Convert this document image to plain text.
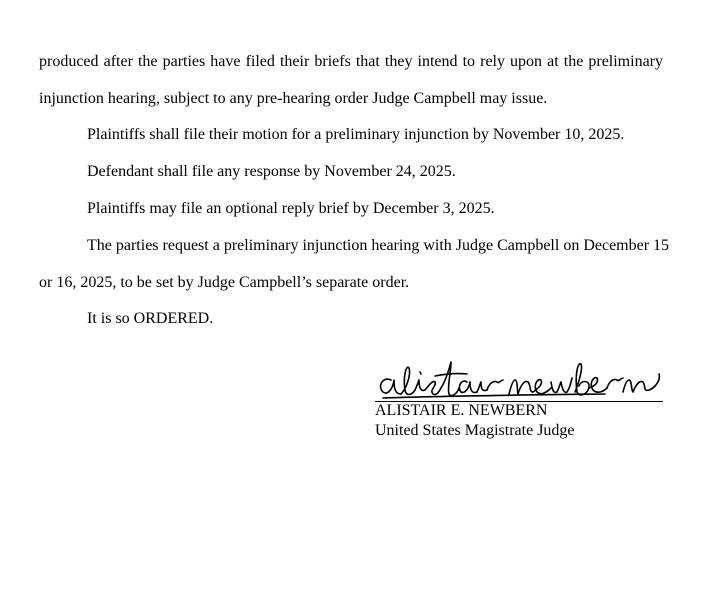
produced after the parties have filed their briefs that they intend to rely upon at the preliminary
injunction hearing, subject to any pre-hearing order Judge Campbell may issue.
Plaintiffs shall file their motion for a preliminary injunction by November 10, 2025.
Defendant shall file any response by November 24, 2025.
Plaintiffs may file an optional reply brief by December 3, 2025.
The parties request a preliminary injunction hearing with Judge Campbell on December 15
or 16, 2025, to be set by Judge Campbell’s separate order.
It is so ORDERED.
ALISTAIR E. NEWBERN
United States Magistrate Judge
